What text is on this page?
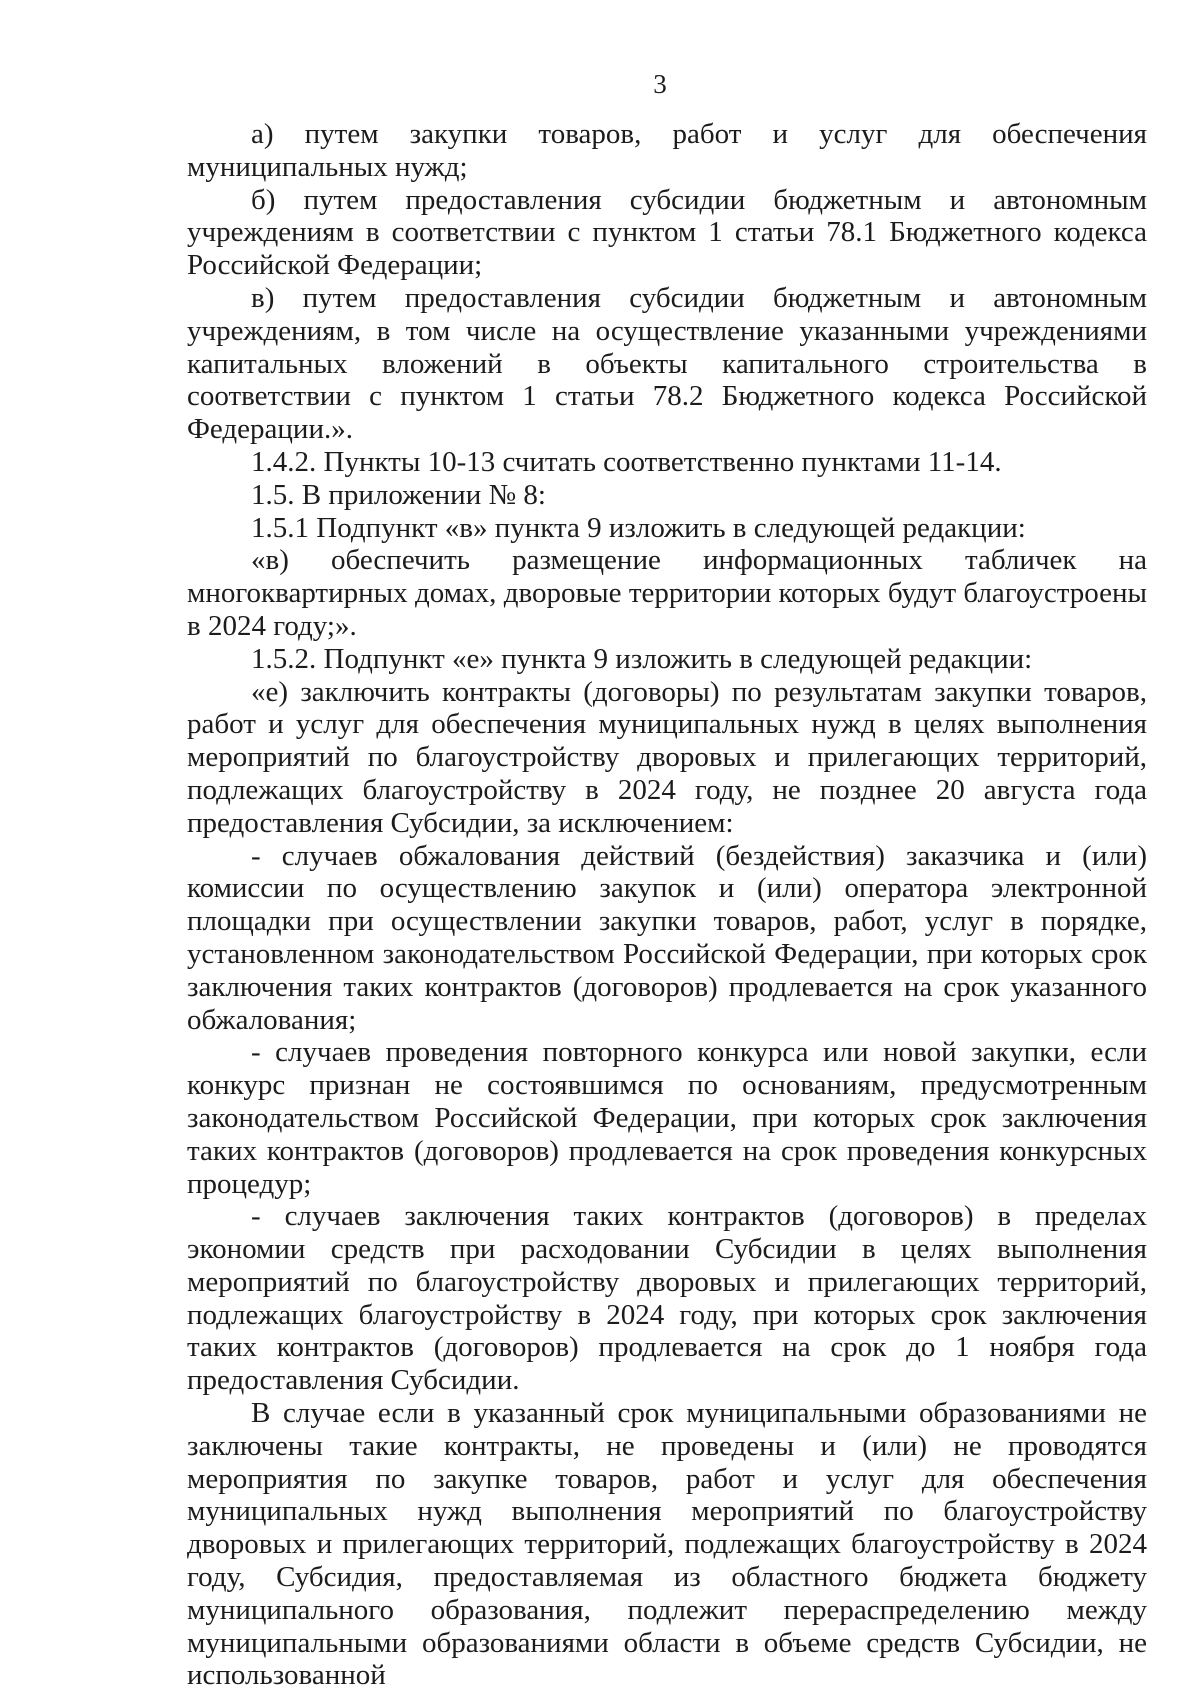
3

а) путем закупки товаров, работ и услуг для обеспечения муниципальных нужд;

б) путем предоставления субсидии бюджетным и автономным учреждениям в соответствии с пунктом 1 статьи 78.1 Бюджетного кодекса Российской Федерации;

в) путем предоставления субсидии бюджетным и автономным учреждениям, в том числе на осуществление указанными учреждениями капитальных вложений в объекты капитального строительства в соответствии с пунктом 1 статьи 78.2 Бюджетного кодекса Российской Федерации.».

1.4.2. Пункты 10-13 считать соответственно пунктами 11-14.

1.5. В приложении № 8:

1.5.1 Подпункт «в» пункта 9 изложить в следующей редакции:

«в) обеспечить размещение информационных табличек на многоквартирных домах, дворовые территории которых будут благоустроены в 2024 году;».

1.5.2. Подпункт «е» пункта 9 изложить в следующей редакции:

«е) заключить контракты (договоры) по результатам закупки товаров, работ и услуг для обеспечения муниципальных нужд в целях выполнения мероприятий по благоустройству дворовых и прилегающих территорий, подлежащих благоустройству в 2024 году, не позднее 20 августа года предоставления Субсидии, за исключением:

- случаев обжалования действий (бездействия) заказчика и (или) комиссии по осуществлению закупок и (или) оператора электронной площадки при осуществлении закупки товаров, работ, услуг в порядке, установленном законодательством Российской Федерации, при которых срок заключения таких контрактов (договоров) продлевается на срок указанного обжалования;

- случаев проведения повторного конкурса или новой закупки, если конкурс признан не состоявшимся по основаниям, предусмотренным законодательством Российской Федерации, при которых срок заключения таких контрактов (договоров) продлевается на срок проведения конкурсных процедур;

- случаев заключения таких контрактов (договоров) в пределах экономии средств при расходовании Субсидии в целях выполнения мероприятий по благоустройству дворовых и прилегающих территорий, подлежащих благоустройству в 2024 году, при которых срок заключения таких контрактов (договоров) продлевается на срок до 1 ноября года предоставления Субсидии.

В случае если в указанный срок муниципальными образованиями не заключены такие контракты, не проведены и (или) не проводятся мероприятия по закупке товаров, работ и услуг для обеспечения муниципальных нужд выполнения мероприятий по благоустройству дворовых и прилегающих территорий, подлежащих благоустройству в 2024 году, Субсидия, предоставляемая из областного бюджета бюджету муниципального образования, подлежит перераспределению между муниципальными образованиями области в объеме средств Субсидии, не использованной
